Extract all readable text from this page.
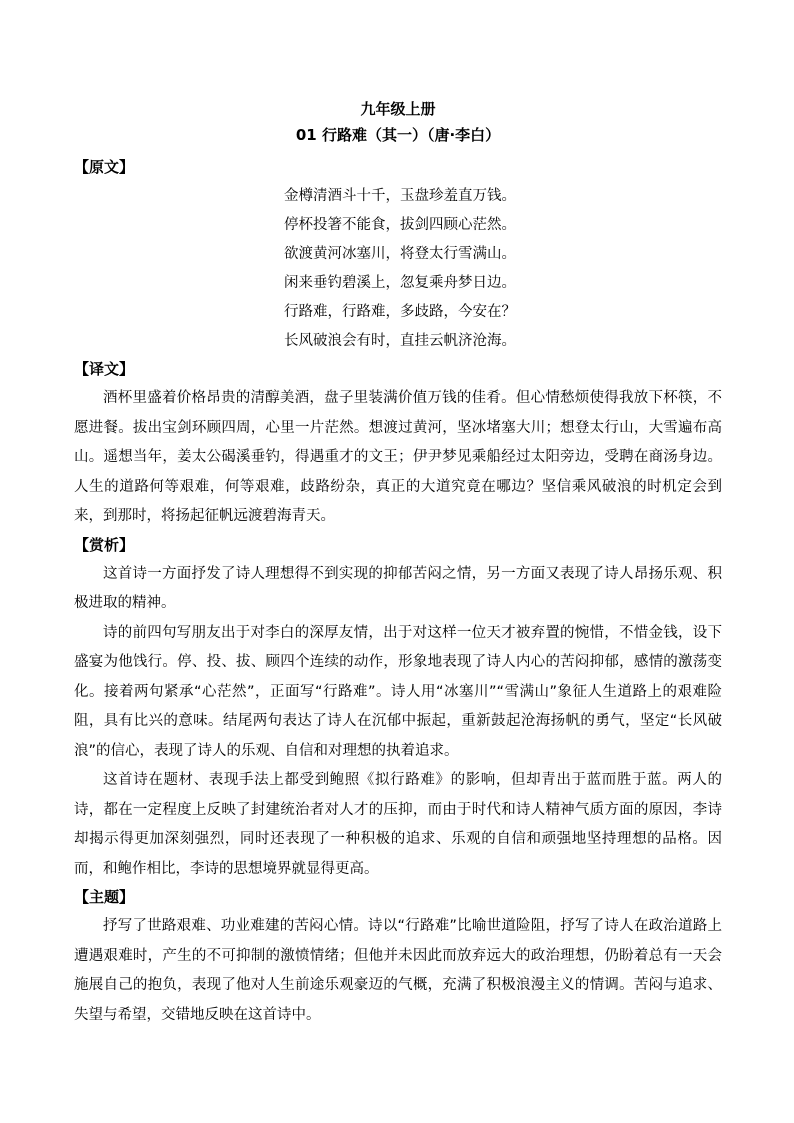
九年级上册
01 行路难（其一）（唐·李白）
【原文】
金樽清酒斗十千，玉盘珍羞直万钱。
停杯投箸不能食，拔剑四顾心茫然。
欲渡黄河冰塞川，将登太行雪满山。
闲来垂钓碧溪上，忽复乘舟梦日边。
行路难，行路难，多歧路，今安在？
长风破浪会有时，直挂云帆济沧海。
【译文】

酒杯里盛着价格昂贵的清醇美酒，盘子里装满价值万钱的佳肴。但心情愁烦使得我放下杯筷，不愿进餐。拔出宝剑环顾四周，心里一片茫然。想渡过黄河，坚冰堵塞大川；想登太行山，大雪遍布高山。遥想当年，姜太公碣溪垂钓，得遇重才的文王；伊尹梦见乘船经过太阳旁边，受聘在商汤身边。人生的道路何等艰难，何等艰难，歧路纷杂，真正的大道究竟在哪边？坚信乘风破浪的时机定会到来，到那时，将扬起征帆远渡碧海青天。

【赏析】

这首诗一方面抒发了诗人理想得不到实现的抑郁苦闷之情，另一方面又表现了诗人昂扬乐观、积极进取的精神。

诗的前四句写朋友出于对李白的深厚友情，出于对这样一位天才被弃置的惋惜，不惜金钱，设下盛宴为他饯行。停、投、拔、顾四个连续的动作，形象地表现了诗人内心的苦闷抑郁，感情的激荡变化。接着两句紧承“心茫然”，正面写“行路难”。诗人用“冰塞川”“雪满山”象征人生道路上的艰难险阻，具有比兴的意味。结尾两句表达了诗人在沉郁中振起，重新鼓起沧海扬帆的勇气，坚定“长风破浪”的信心，表现了诗人的乐观、自信和对理想的执着追求。

这首诗在题材、表现手法上都受到鲍照《拟行路难》的影响，但却青出于蓝而胜于蓝。两人的诗，都在一定程度上反映了封建统治者对人才的压抑，而由于时代和诗人精神气质方面的原因，李诗却揭示得更加深刻强烈，同时还表现了一种积极的追求、乐观的自信和顽强地坚持理想的品格。因而，和鲍作相比，李诗的思想境界就显得更高。

【主题】

抒写了世路艰难、功业难建的苦闷心情。诗以“行路难”比喻世道险阻，抒写了诗人在政治道路上遭遇艰难时，产生的不可抑制的激愤情绪；但他并未因此而放弃远大的政治理想，仍盼着总有一天会施展自己的抱负，表现了他对人生前途乐观豪迈的气概，充满了积极浪漫主义的情调。苦闷与追求、失望与希望，交错地反映在这首诗中。
